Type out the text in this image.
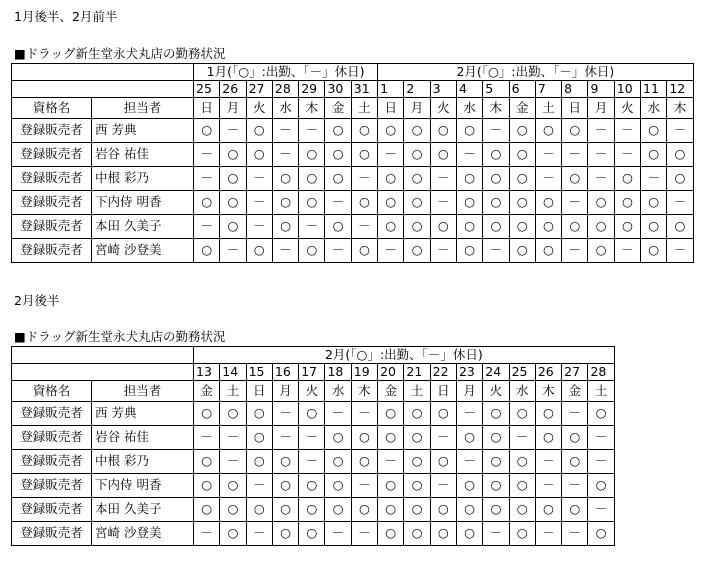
1月後半、2月前半
■ドラッグ新生堂永犬丸店の勤務状況
		1月(「○」:出勤、「－」休日)							2月(「○」:出勤、「－」休日)											
		25	26	27	28	29	30	31	1	2	3	4	5	6	7	8	9	10	11	12
資格名	担当者	日	月	火	水	木	金	土	日	月	火	水	木	金	土	日	月	火	水	木
登録販売者	西 芳典	○	－	○	－	－	○	○	○	○	○	○	－	○	○	○	－	－	○	－
登録販売者	岩谷 祐佳	－	○	○	－	○	○	○	－	○	○	－	○	○	－	－	－	－	○	○
登録販売者	中根 彩乃	－	○	－	○	○	○	－	○	○	－	○	○	○	－	○	－	○	－	○
登録販売者	下内侍 明香	○	○	－	○	○	－	○	○	○	－	○	○	○	○	－	○	○	○	－
登録販売者	本田 久美子	－	○	－	○	－	○	－	○	○	○	○	○	○	○	○	○	○	○	○
登録販売者	宮崎 沙登美	○	－	○	－	○	－	○	－	○	－	○	－	○	○	－	○	－	○	－
2月後半
■ドラッグ新生堂永犬丸店の勤務状況
		2月(「○」:出勤、「－」休日)															
		13	14	15	16	17	18	19	20	21	22	23	24	25	26	27	28
資格名	担当者	金	土	日	月	火	水	木	金	土	日	月	火	水	木	金	土
登録販売者	西 芳典	○	○	○	－	○	－	－	○	○	○	－	○	○	○	－	○
登録販売者	岩谷 祐佳	－	－	○	－	－	○	○	○	○	－	○	○	－	○	○	－
登録販売者	中根 彩乃	○	－	○	○	－	○	○	－	○	○	－	○	○	－	○	－
登録販売者	下内侍 明香	○	○	－	○	○	○	－	○	○	－	○	○	○	－	－	○
登録販売者	本田 久美子	○	○	○	○	○	○	○	○	○	○	○	○	○	○	○	－
登録販売者	宮崎 沙登美	－	○	－	○	○	－	－	○	○	○	○	－	○	－	－	○
